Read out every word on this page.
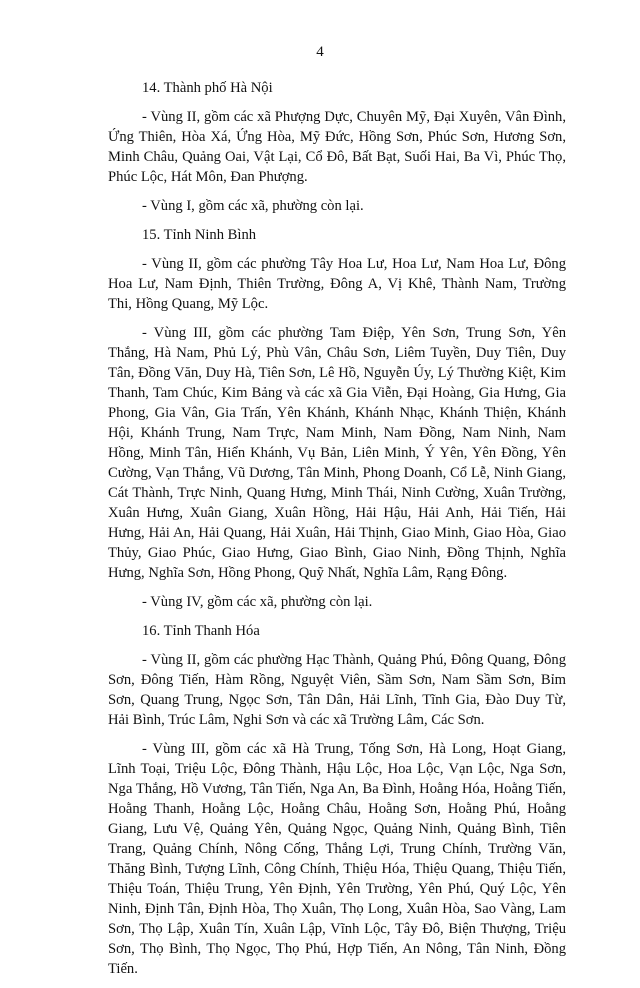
4

14. Thành phố Hà Nội

- Vùng II, gồm các xã Phượng Dực, Chuyên Mỹ, Đại Xuyên, Vân Đình, Ứng Thiên, Hòa Xá, Ứng Hòa, Mỹ Đức, Hồng Sơn, Phúc Sơn, Hương Sơn, Minh Châu, Quảng Oai, Vật Lại, Cổ Đô, Bất Bạt, Suối Hai, Ba Vì, Phúc Thọ, Phúc Lộc, Hát Môn, Đan Phượng.

- Vùng I, gồm các xã, phường còn lại.

15. Tỉnh Ninh Bình

- Vùng II, gồm các phường Tây Hoa Lư, Hoa Lư, Nam Hoa Lư, Đông Hoa Lư, Nam Định, Thiên Trường, Đông A, Vị Khê, Thành Nam, Trường Thi, Hồng Quang, Mỹ Lộc.

- Vùng III, gồm các phường Tam Điệp, Yên Sơn, Trung Sơn, Yên Thắng, Hà Nam, Phủ Lý, Phù Vân, Châu Sơn, Liêm Tuyền, Duy Tiên, Duy Tân, Đồng Văn, Duy Hà, Tiên Sơn, Lê Hồ, Nguyễn Úy, Lý Thường Kiệt, Kim Thanh, Tam Chúc, Kim Bảng và các xã Gia Viễn, Đại Hoàng, Gia Hưng, Gia Phong, Gia Vân, Gia Trấn, Yên Khánh, Khánh Nhạc, Khánh Thiện, Khánh Hội, Khánh Trung, Nam Trực, Nam Minh, Nam Đồng, Nam Ninh, Nam Hồng, Minh Tân, Hiển Khánh, Vụ Bản, Liên Minh, Ý Yên, Yên Đồng, Yên Cường, Vạn Thắng, Vũ Dương, Tân Minh, Phong Doanh, Cổ Lễ, Ninh Giang, Cát Thành, Trực Ninh, Quang Hưng, Minh Thái, Ninh Cường, Xuân Trường, Xuân Hưng, Xuân Giang, Xuân Hồng, Hải Hậu, Hải Anh, Hải Tiến, Hải Hưng, Hải An, Hải Quang, Hải Xuân, Hải Thịnh, Giao Minh, Giao Hòa, Giao Thủy, Giao Phúc, Giao Hưng, Giao Bình, Giao Ninh, Đồng Thịnh, Nghĩa Hưng, Nghĩa Sơn, Hồng Phong, Quỹ Nhất, Nghĩa Lâm, Rạng Đông.

- Vùng IV, gồm các xã, phường còn lại.

16. Tỉnh Thanh Hóa

- Vùng II, gồm các phường Hạc Thành, Quảng Phú, Đông Quang, Đông Sơn, Đông Tiến, Hàm Rồng, Nguyệt Viên, Sầm Sơn, Nam Sầm Sơn, Bỉm Sơn, Quang Trung, Ngọc Sơn, Tân Dân, Hải Lĩnh, Tĩnh Gia, Đào Duy Từ, Hải Bình, Trúc Lâm, Nghi Sơn và các xã Trường Lâm, Các Sơn.

- Vùng III, gồm các xã Hà Trung, Tống Sơn, Hà Long, Hoạt Giang, Lĩnh Toại, Triệu Lộc, Đông Thành, Hậu Lộc, Hoa Lộc, Vạn Lộc, Nga Sơn, Nga Thắng, Hồ Vương, Tân Tiến, Nga An, Ba Đình, Hoằng Hóa, Hoằng Tiến, Hoằng Thanh, Hoằng Lộc, Hoằng Châu, Hoằng Sơn, Hoằng Phú, Hoằng Giang, Lưu Vệ, Quảng Yên, Quảng Ngọc, Quảng Ninh, Quảng Bình, Tiên Trang, Quảng Chính, Nông Cống, Thắng Lợi, Trung Chính, Trường Văn, Thăng Bình, Tượng Lĩnh, Công Chính, Thiệu Hóa, Thiệu Quang, Thiệu Tiến, Thiệu Toán, Thiệu Trung, Yên Định, Yên Trường, Yên Phú, Quý Lộc, Yên Ninh, Định Tân, Định Hòa, Thọ Xuân, Thọ Long, Xuân Hòa, Sao Vàng, Lam Sơn, Thọ Lập, Xuân Tín, Xuân Lập, Vĩnh Lộc, Tây Đô, Biện Thượng, Triệu Sơn, Thọ Bình, Thọ Ngọc, Thọ Phú, Hợp Tiến, An Nông, Tân Ninh, Đồng Tiến.
